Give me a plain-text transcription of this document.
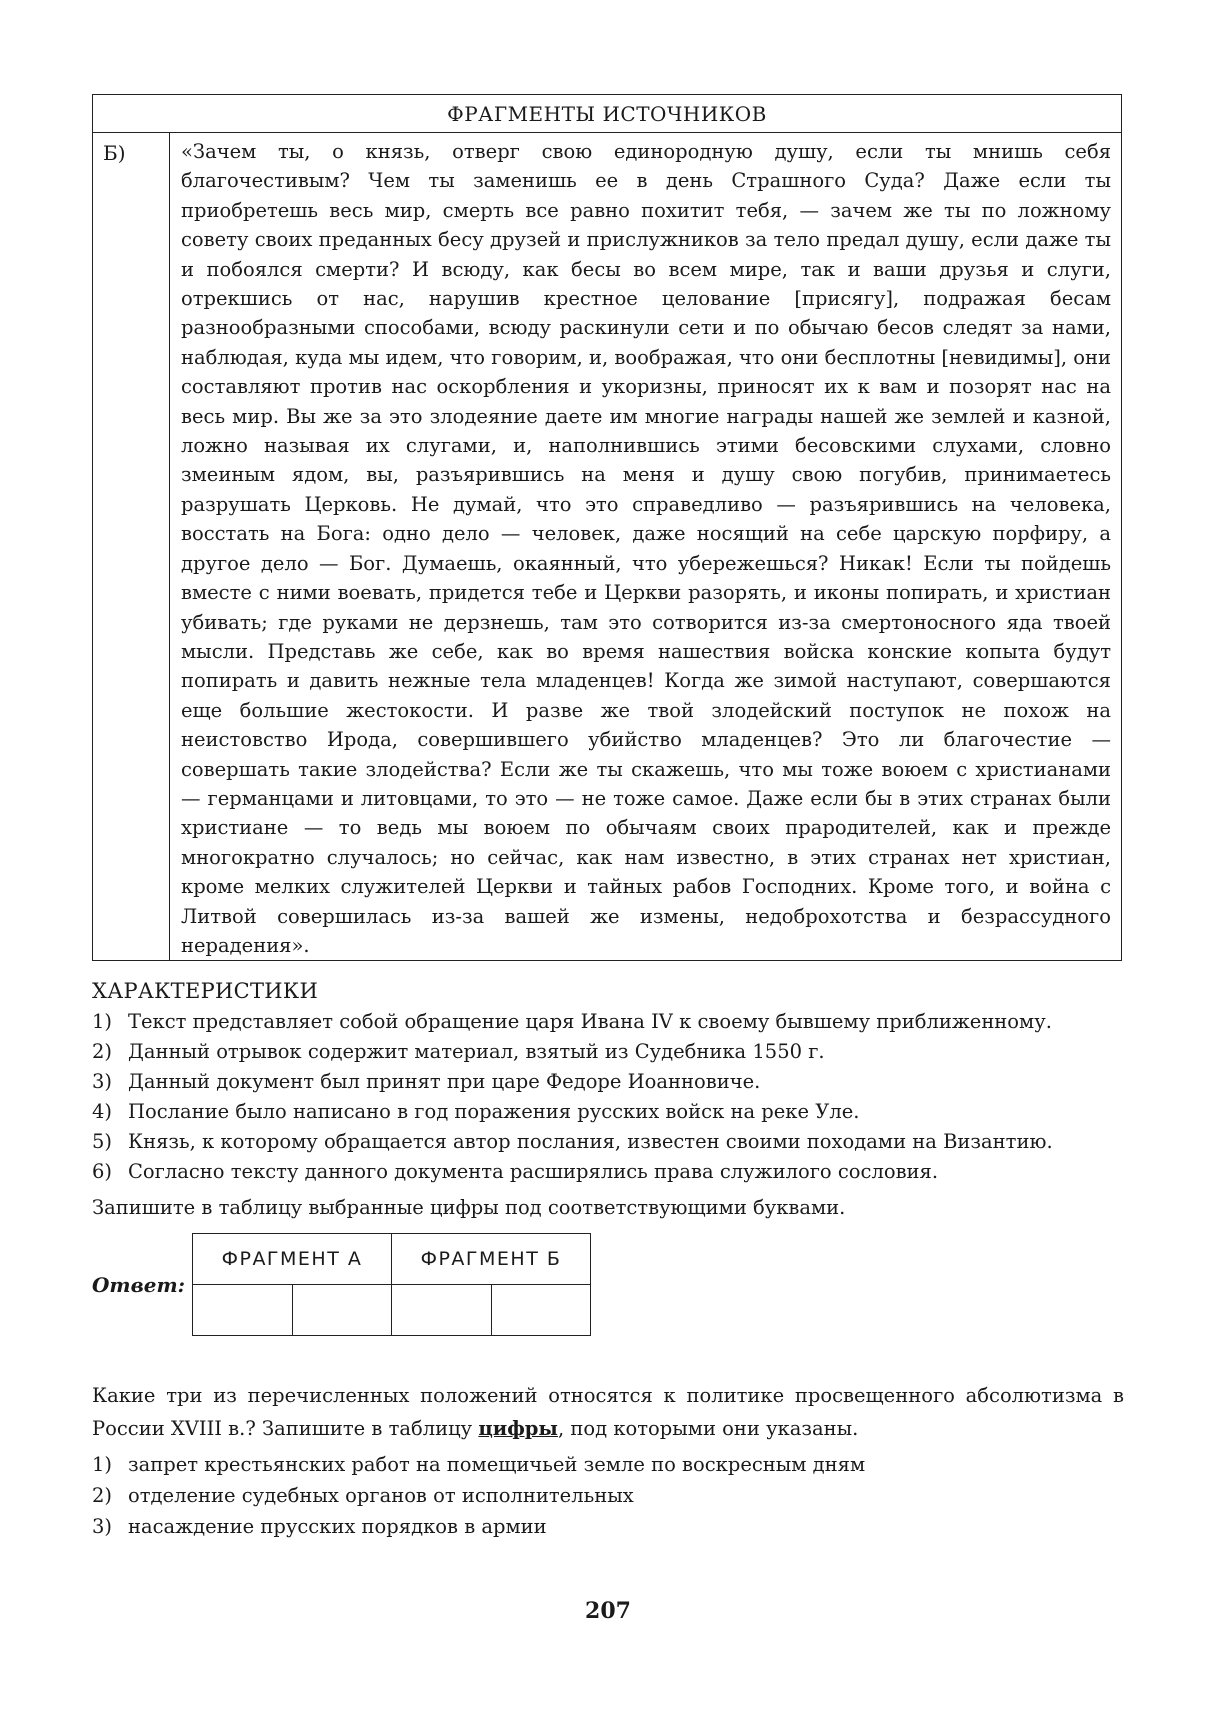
ФРАГМЕНТЫ ИСТОЧНИКОВ
Б)	«Зачем ты, о князь, отверг свою единородную душу, если ты мнишь себя благочестивым? Чем ты заменишь ее в день Страшного Суда? Даже если ты приобретешь весь мир, смерть все равно похитит тебя, — зачем же ты по ложному совету своих преданных бесу друзей и прислужников за тело предал душу, если даже ты и побоялся смерти? И всюду, как бесы во всем мире, так и ваши друзья и слуги, отрекшись от нас, нарушив крестное целование [присягу], подражая бесам разнообразными способами, всюду раскинули сети и по обычаю бесов следят за нами, наблюдая, куда мы идем, что говорим, и, воображая, что они бесплотны [невидимы], они составляют против нас оскорбления и укоризны, приносят их к вам и позорят нас на весь мир. Вы же за это злодеяние даете им многие награды нашей же землей и казной, ложно называя их слугами, и, наполнившись этими бесовскими слухами, словно змеиным ядом, вы, разъярившись на меня и душу свою погубив, принимаетесь разрушать Церковь. Не думай, что это справедливо — разъярившись на человека, восстать на Бога: одно дело — человек, даже носящий на себе царскую порфиру, а другое дело — Бог. Думаешь, окаянный, что убережешься? Никак! Если ты пойдешь вместе с ними воевать, придется тебе и Церкви разорять, и иконы попирать, и христиан убивать; где руками не дерзнешь, там это сотворится из-за смертоносного яда твоей мысли. Представь же себе, как во время нашествия войска конские копыта будут попирать и давить нежные тела младенцев! Когда же зимой наступают, совершаются еще большие жестокости. И разве же твой злодейский поступок не похож на неистовство Ирода, совершившего убийство младенцев? Это ли благочестие — совершать такие злодейства? Если же ты скажешь, что мы тоже воюем с христианами — германцами и литовцами, то это — не тоже самое. Даже если бы в этих странах были христиане — то ведь мы воюем по обычаям своих прародителей, как и прежде многократно случалось; но сейчас, как нам известно, в этих странах нет христиан, кроме мелких служителей Церкви и тайных рабов Господних. Кроме того, и война с Литвой совершилась из-за вашей же измены, недоброхотства и безрассудного нерадения».

ХАРАКТЕРИСТИКИ
1) Текст представляет собой обращение царя Ивана IV к своему бывшему приближенному.
2) Данный отрывок содержит материал, взятый из Судебника 1550 г.
3) Данный документ был принят при царе Федоре Иоанновиче.
4) Послание было написано в год поражения русских войск на реке Уле.
5) Князь, к которому обращается автор послания, известен своими походами на Византию.
6) Согласно тексту данного документа расширялись права служилого сословия.
Запишите в таблицу выбранные цифры под соответствующими буквами.
Ответ:
ФРАГМЕНТ А		ФРАГМЕНТ Б	

Какие три из перечисленных положений относятся к политике просвещенного абсолютизма в России XVIII в.? Запишите в таблицу цифры, под которыми они указаны.
1) запрет крестьянских работ на помещичьей земле по воскресным дням
2) отделение судебных органов от исполнительных
3) насаждение прусских порядков в армии
207
